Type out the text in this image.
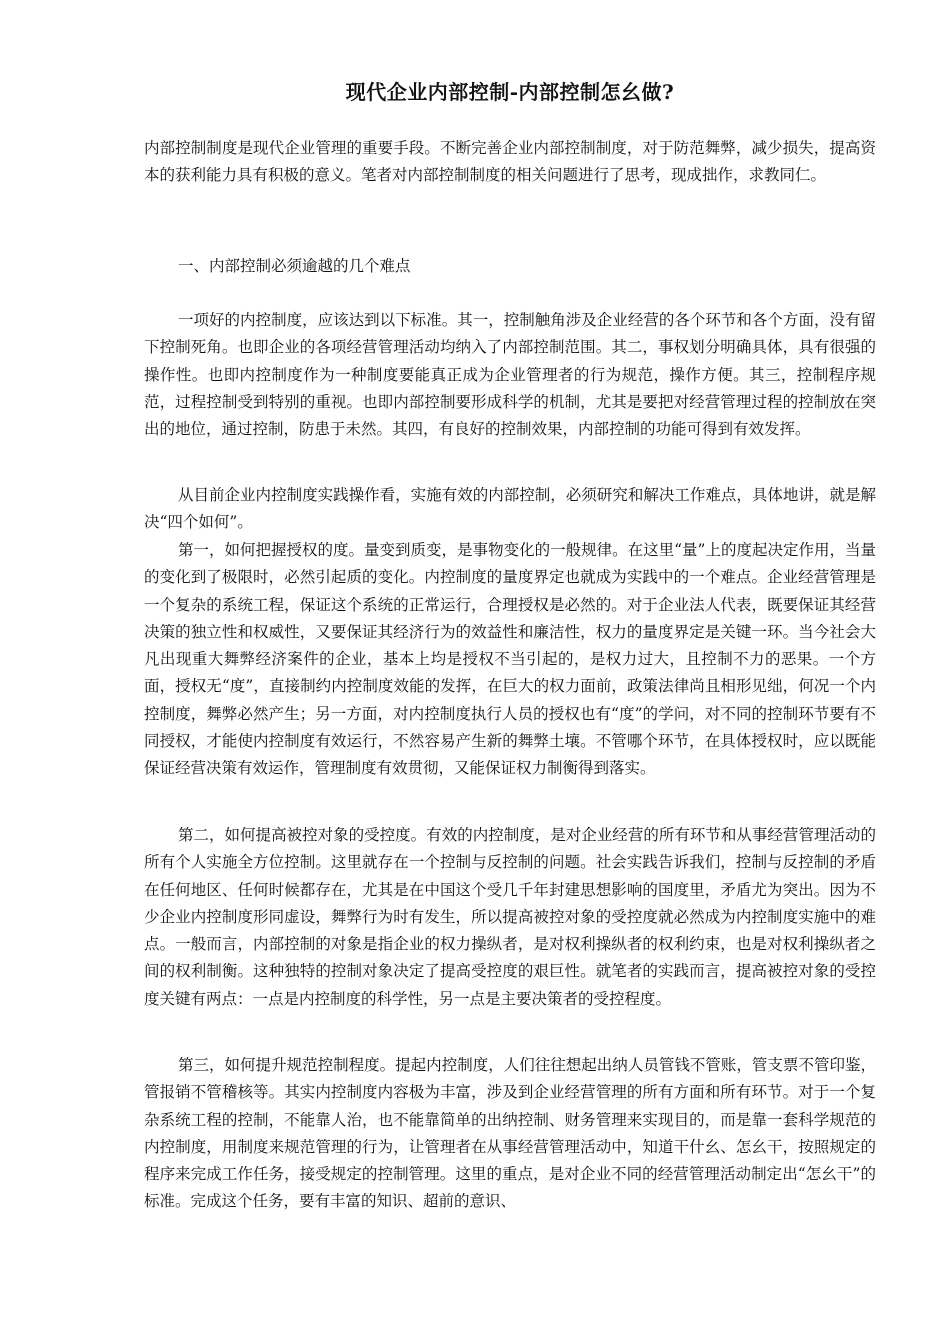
现代企业内部控制-内部控制怎幺做?

内部控制制度是现代企业管理的重要手段。不断完善企业内部控制制度，对于防范舞弊，减少损失，提高资本的获利能力具有积极的意义。笔者对内部控制制度的相关问题进行了思考，现成拙作，求教同仁。

一、内部控制必须逾越的几个难点

一项好的内控制度，应该达到以下标准。其一，控制触角涉及企业经营的各个环节和各个方面，没有留下控制死角。也即企业的各项经营管理活动均纳入了内部控制范围。其二，事权划分明确具体，具有很强的操作性。也即内控制度作为一种制度要能真正成为企业管理者的行为规范，操作方便。其三，控制程序规范，过程控制受到特别的重视。也即内部控制要形成科学的机制，尤其是要把对经营管理过程的控制放在突出的地位，通过控制，防患于未然。其四，有良好的控制效果，内部控制的功能可得到有效发挥。

从目前企业内控制度实践操作看，实施有效的内部控制，必须研究和解决工作难点，具体地讲，就是解决“四个如何”。

第一，如何把握授权的度。量变到质变，是事物变化的一般规律。在这里“量”上的度起决定作用，当量的变化到了极限时，必然引起质的变化。内控制度的量度界定也就成为实践中的一个难点。企业经营管理是一个复杂的系统工程，保证这个系统的正常运行，合理授权是必然的。对于企业法人代表，既要保证其经营决策的独立性和权威性，又要保证其经济行为的效益性和廉洁性，权力的量度界定是关键一环。当今社会大凡出现重大舞弊经济案件的企业，基本上均是授权不当引起的，是权力过大，且控制不力的恶果。一个方面，授权无“度”，直接制约内控制度效能的发挥，在巨大的权力面前，政策法律尚且相形见绌，何况一个内控制度，舞弊必然产生；另一方面，对内控制度执行人员的授权也有“度”的学问，对不同的控制环节要有不同授权，才能使内控制度有效运行，不然容易产生新的舞弊土壤。不管哪个环节，在具体授权时，应以既能保证经营决策有效运作，管理制度有效贯彻，又能保证权力制衡得到落实。

第二，如何提高被控对象的受控度。有效的内控制度，是对企业经营的所有环节和从事经营管理活动的所有个人实施全方位控制。这里就存在一个控制与反控制的问题。社会实践告诉我们，控制与反控制的矛盾在任何地区、任何时候都存在，尤其是在中国这个受几千年封建思想影响的国度里，矛盾尤为突出。因为不少企业内控制度形同虚设，舞弊行为时有发生，所以提高被控对象的受控度就必然成为内控制度实施中的难点。一般而言，内部控制的对象是指企业的权力操纵者，是对权利操纵者的权利约束，也是对权利操纵者之间的权利制衡。这种独特的控制对象决定了提高受控度的艰巨性。就笔者的实践而言，提高被控对象的受控度关键有两点：一点是内控制度的科学性，另一点是主要决策者的受控程度。

第三，如何提升规范控制程度。提起内控制度，人们往往想起出纳人员管钱不管账，管支票不管印鉴，管报销不管稽核等。其实内控制度内容极为丰富，涉及到企业经营管理的所有方面和所有环节。对于一个复杂系统工程的控制，不能靠人治，也不能靠简单的出纳控制、财务管理来实现目的，而是靠一套科学规范的内控制度，用制度来规范管理的行为，让管理者在从事经营管理活动中，知道干什幺、怎幺干，按照规定的程序来完成工作任务，接受规定的控制管理。这里的重点，是对企业不同的经营管理活动制定出“怎幺干”的标准。完成这个任务，要有丰富的知识、超前的意识、
